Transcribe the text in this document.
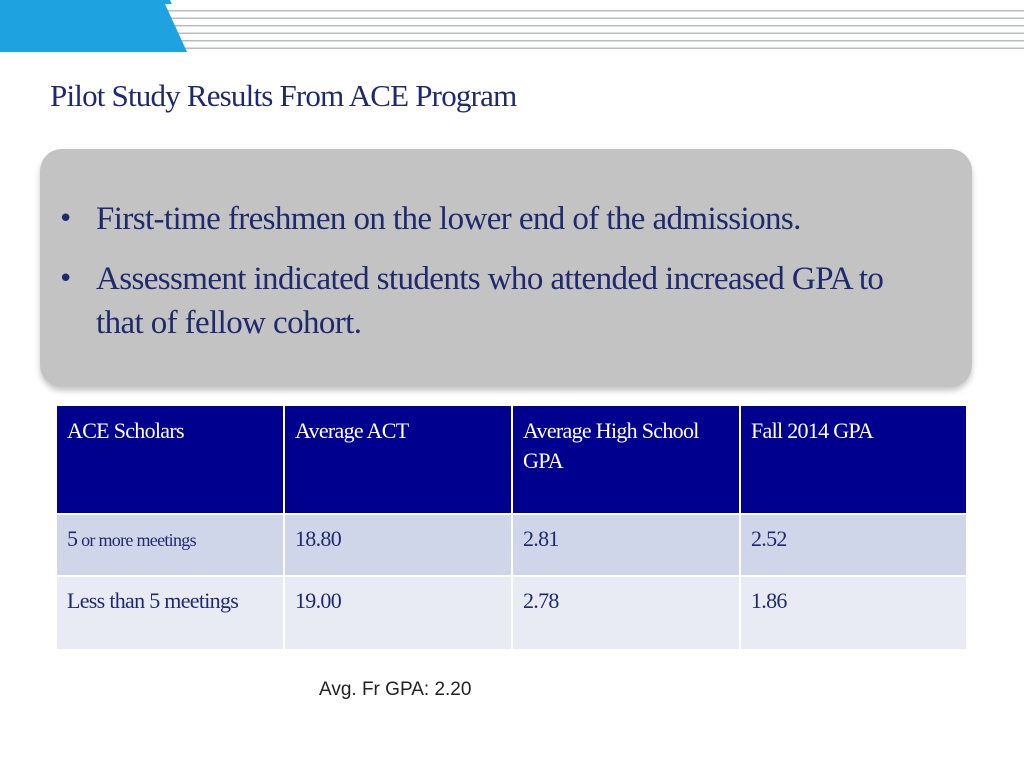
Pilot Study Results From ACE Program
• First-time freshmen on the lower end of the admissions.
• Assessment indicated students who attended increased GPA to that of fellow cohort.
ACE Scholars	Average ACT	Average High School GPA	Fall 2014 GPA
5 or more meetings	18.80	2.81	2.52
Less than 5 meetings	19.00	2.78	1.86
Avg. Fr GPA: 2.20
